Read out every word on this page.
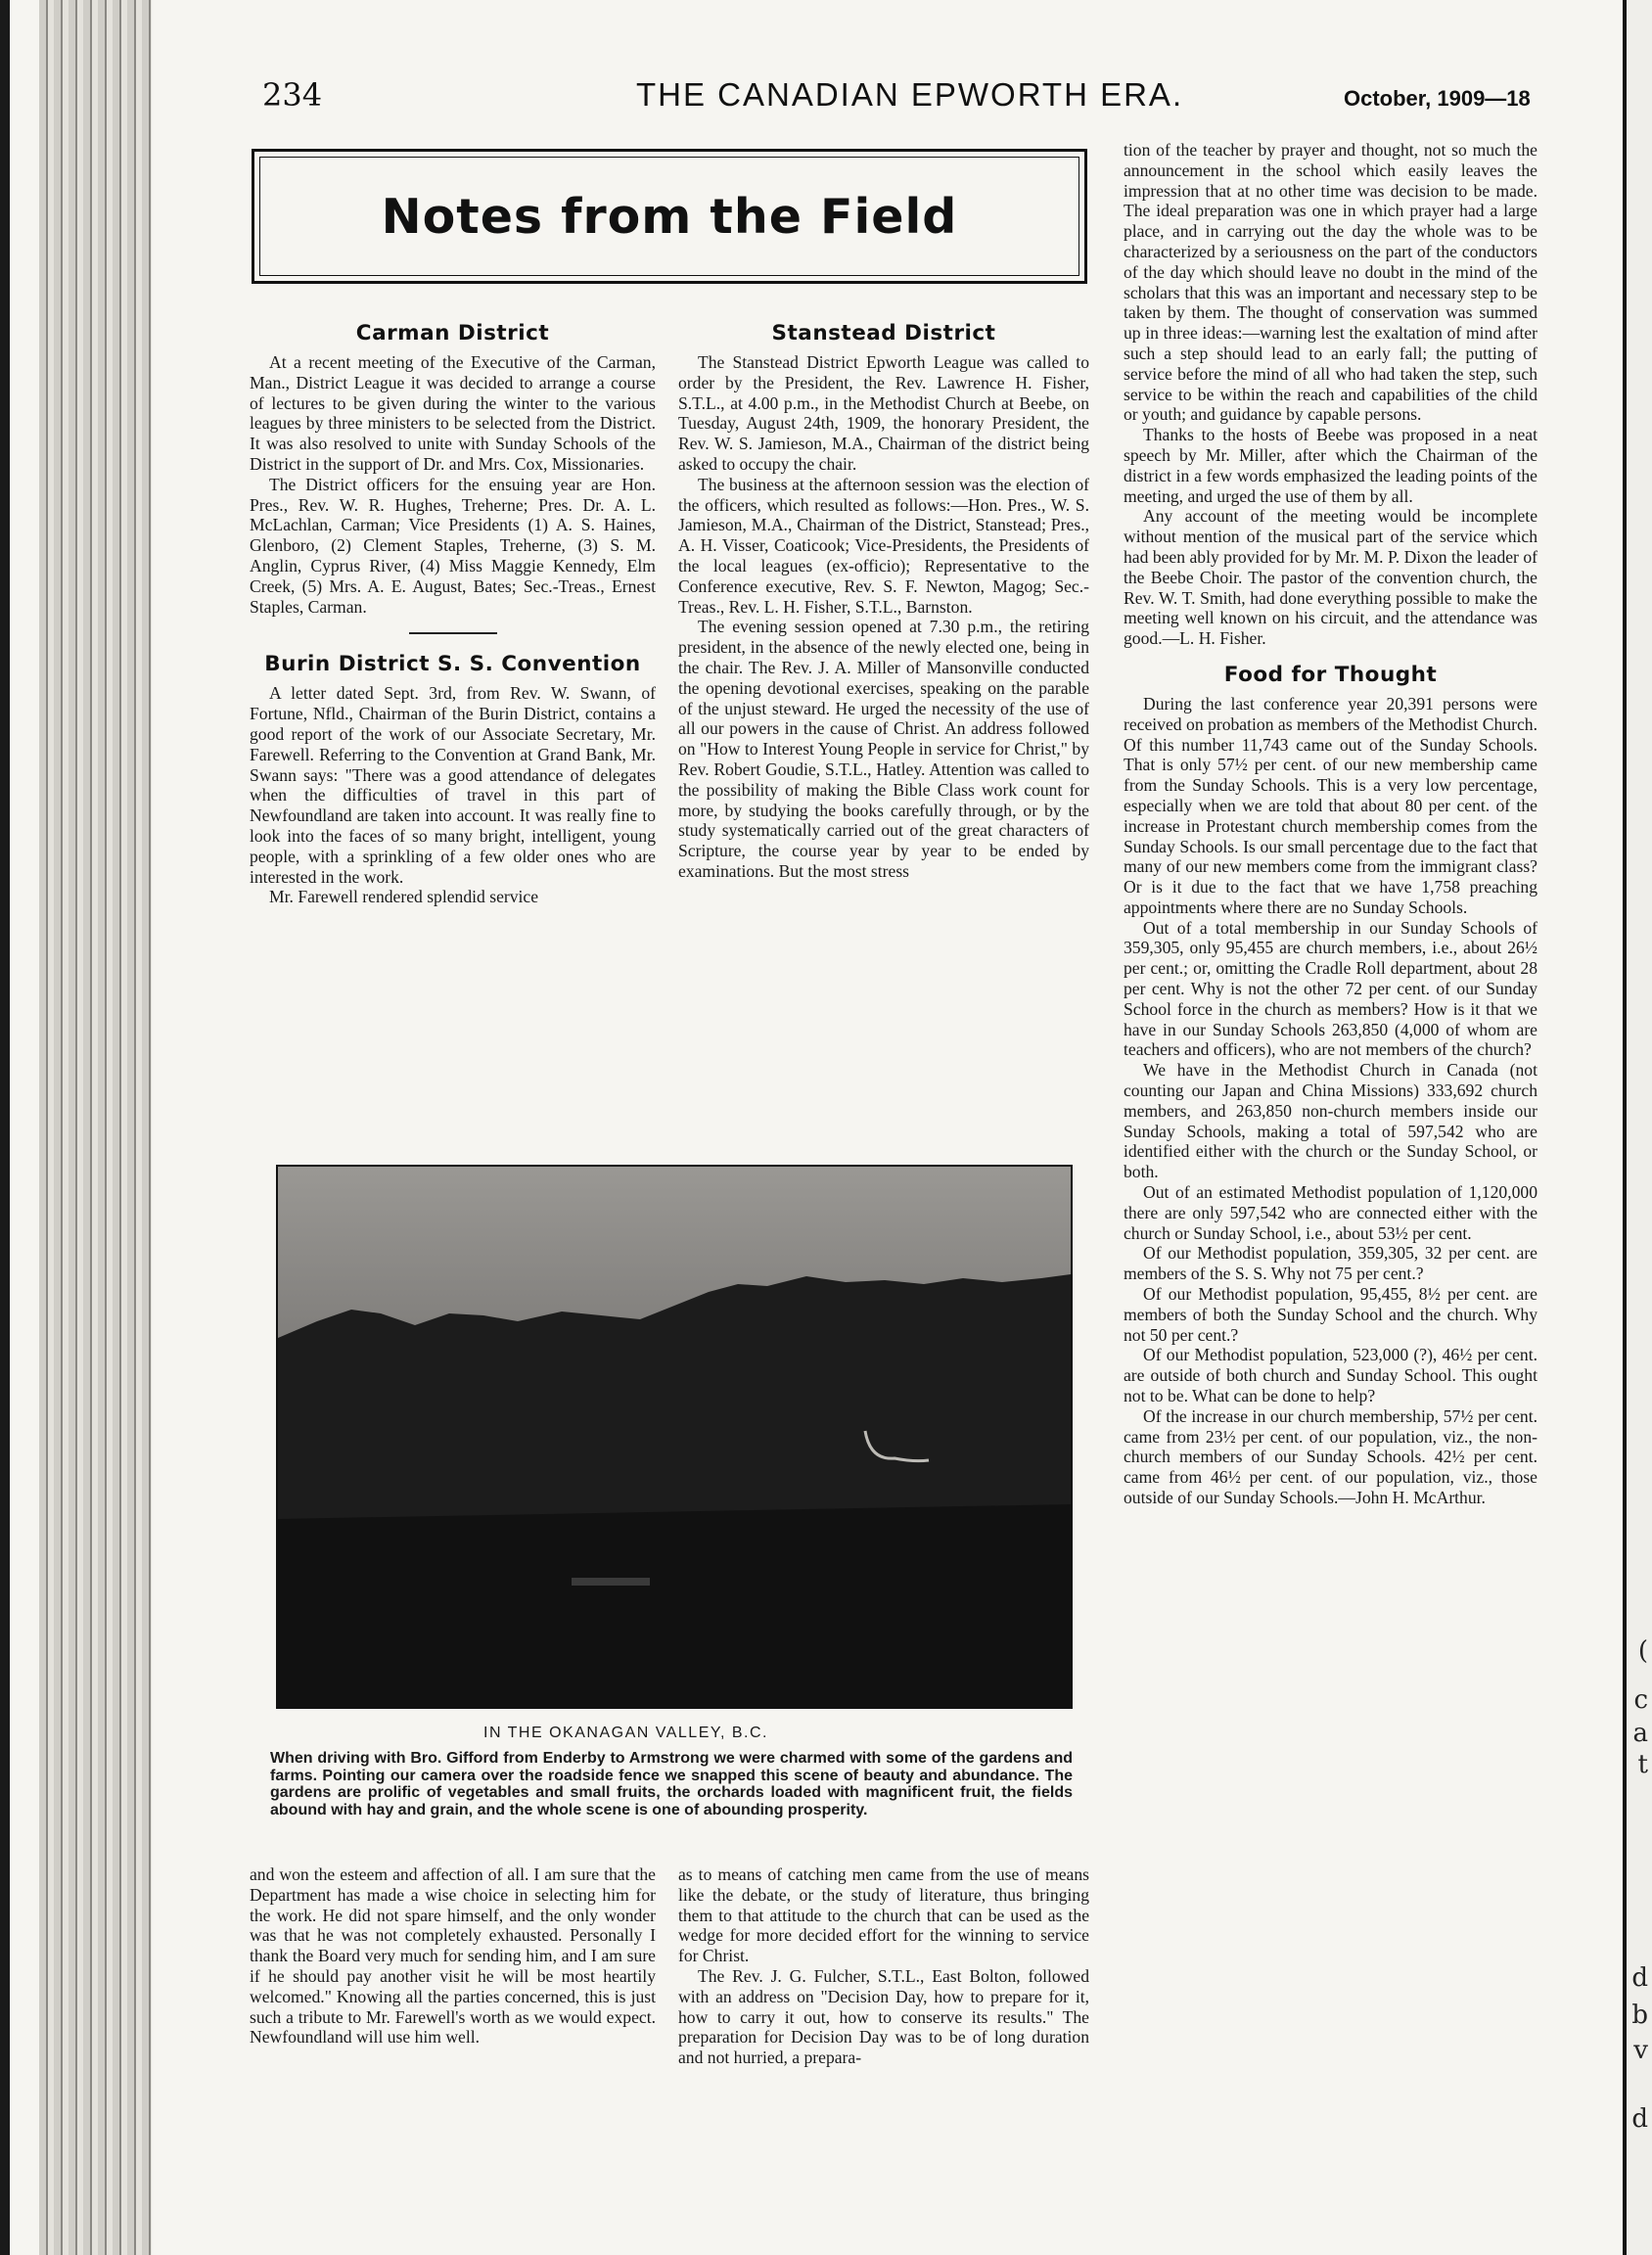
(
c
a
t
d
b
v
d
234	THE CANADIAN EPWORTH ERA.	October, 1909—18
Notes from the Field
Carman District

At a recent meeting of the Executive of the Carman, Man., District League it was decided to arrange a course of lectures to be given during the winter to the various leagues by three ministers to be selected from the District. It was also resolved to unite with Sunday Schools of the District in the support of Dr. and Mrs. Cox, Missionaries.

The District officers for the ensuing year are Hon. Pres., Rev. W. R. Hughes, Treherne; Pres. Dr. A. L. McLachlan, Carman; Vice Presidents (1) A. S. Haines, Glenboro, (2) Clement Staples, Treherne, (3) S. M. Anglin, Cyprus River, (4) Miss Maggie Kennedy, Elm Creek, (5) Mrs. A. E. August, Bates; Sec.-Treas., Ernest Staples, Carman.

Burin District S. S. Convention

A letter dated Sept. 3rd, from Rev. W. Swann, of Fortune, Nfld., Chairman of the Burin District, contains a good report of the work of our Associate Secretary, Mr. Farewell. Referring to the Convention at Grand Bank, Mr. Swann says: "There was a good attendance of delegates when the difficulties of travel in this part of Newfoundland are taken into account. It was really fine to look into the faces of so many bright, intelligent, young people, with a sprinkling of a few older ones who are interested in the work.

Mr. Farewell rendered splendid service

Stanstead District

The Stanstead District Epworth League was called to order by the President, the Rev. Lawrence H. Fisher, S.T.L., at 4.00 p.m., in the Methodist Church at Beebe, on Tuesday, August 24th, 1909, the honorary President, the Rev. W. S. Jamieson, M.A., Chairman of the district being asked to occupy the chair.

The business at the afternoon session was the election of the officers, which resulted as follows:—Hon. Pres., W. S. Jamieson, M.A., Chairman of the District, Stanstead; Pres., A. H. Visser, Coaticook; Vice-Presidents, the Presidents of the local leagues (ex-officio); Representative to the Conference executive, Rev. S. F. Newton, Magog; Sec.-Treas., Rev. L. H. Fisher, S.T.L., Barnston.

The evening session opened at 7.30 p.m., the retiring president, in the absence of the newly elected one, being in the chair. The Rev. J. A. Miller of Mansonville conducted the opening devotional exercises, speaking on the parable of the unjust steward. He urged the necessity of the use of all our powers in the cause of Christ. An address followed on "How to Interest Young People in service for Christ," by Rev. Robert Goudie, S.T.L., Hatley. Attention was called to the possibility of making the Bible Class work count for more, by studying the books carefully through, or by the study systematically carried out of the great characters of Scripture, the course year by year to be ended by examinations. But the most stress

tion of the teacher by prayer and thought, not so much the announcement in the school which easily leaves the impression that at no other time was decision to be made. The ideal preparation was one in which prayer had a large place, and in carrying out the day the whole was to be characterized by a seriousness on the part of the conductors of the day which should leave no doubt in the mind of the scholars that this was an important and necessary step to be taken by them. The thought of conservation was summed up in three ideas:—warning lest the exaltation of mind after such a step should lead to an early fall; the putting of service before the mind of all who had taken the step, such service to be within the reach and capabilities of the child or youth; and guidance by capable persons.

Thanks to the hosts of Beebe was proposed in a neat speech by Mr. Miller, after which the Chairman of the district in a few words emphasized the leading points of the meeting, and urged the use of them by all.

Any account of the meeting would be incomplete without mention of the musical part of the service which had been ably provided for by Mr. M. P. Dixon the leader of the Beebe Choir. The pastor of the convention church, the Rev. W. T. Smith, had done everything possible to make the meeting well known on his circuit, and the attendance was good.—L. H. Fisher.

Food for Thought

During the last conference year 20,391 persons were received on probation as members of the Methodist Church. Of this number 11,743 came out of the Sunday Schools. That is only 57½ per cent. of our new membership came from the Sunday Schools. This is a very low percentage, especially when we are told that about 80 per cent. of the increase in Protestant church membership comes from the Sunday Schools. Is our small percentage due to the fact that many of our new members come from the immigrant class? Or is it due to the fact that we have 1,758 preaching appointments where there are no Sunday Schools.

Out of a total membership in our Sunday Schools of 359,305, only 95,455 are church members, i.e., about 26½ per cent.; or, omitting the Cradle Roll department, about 28 per cent. Why is not the other 72 per cent. of our Sunday School force in the church as members? How is it that we have in our Sunday Schools 263,850 (4,000 of whom are teachers and officers), who are not members of the church?

We have in the Methodist Church in Canada (not counting our Japan and China Missions) 333,692 church members, and 263,850 non-church members inside our Sunday Schools, making a total of 597,542 who are identified either with the church or the Sunday School, or both.

Out of an estimated Methodist population of 1,120,000 there are only 597,542 who are connected either with the church or Sunday School, i.e., about 53½ per cent.

Of our Methodist population, 359,305, 32 per cent. are members of the S. S. Why not 75 per cent.?

Of our Methodist population, 95,455, 8½ per cent. are members of both the Sunday School and the church. Why not 50 per cent.?

Of our Methodist population, 523,000 (?), 46½ per cent. are outside of both church and Sunday School. This ought not to be. What can be done to help?

Of the increase in our church membership, 57½ per cent. came from 23½ per cent. of our population, viz., the non-church members of our Sunday Schools. 42½ per cent. came from 46½ per cent. of our population, viz., those outside of our Sunday Schools.—John H. McArthur.

IN THE OKANAGAN VALLEY, B.C.
When driving with Bro. Gifford from Enderby to Armstrong we were charmed with some of the gardens and farms. Pointing our camera over the roadside fence we snapped this scene of beauty and abundance. The gardens are prolific of vegetables and small fruits, the orchards loaded with magnificent fruit, the fields abound with hay and grain, and the whole scene is one of abounding prosperity.

and won the esteem and affection of all. I am sure that the Department has made a wise choice in selecting him for the work. He did not spare himself, and the only wonder was that he was not completely exhausted. Personally I thank the Board very much for sending him, and I am sure if he should pay another visit he will be most heartily welcomed." Knowing all the parties concerned, this is just such a tribute to Mr. Farewell's worth as we would expect. Newfoundland will use him well.

as to means of catching men came from the use of means like the debate, or the study of literature, thus bringing them to that attitude to the church that can be used as the wedge for more decided effort for the winning to service for Christ.

The Rev. J. G. Fulcher, S.T.L., East Bolton, followed with an address on "Decision Day, how to prepare for it, how to carry it out, how to conserve its results." The preparation for Decision Day was to be of long duration and not hurried, a prepara-
